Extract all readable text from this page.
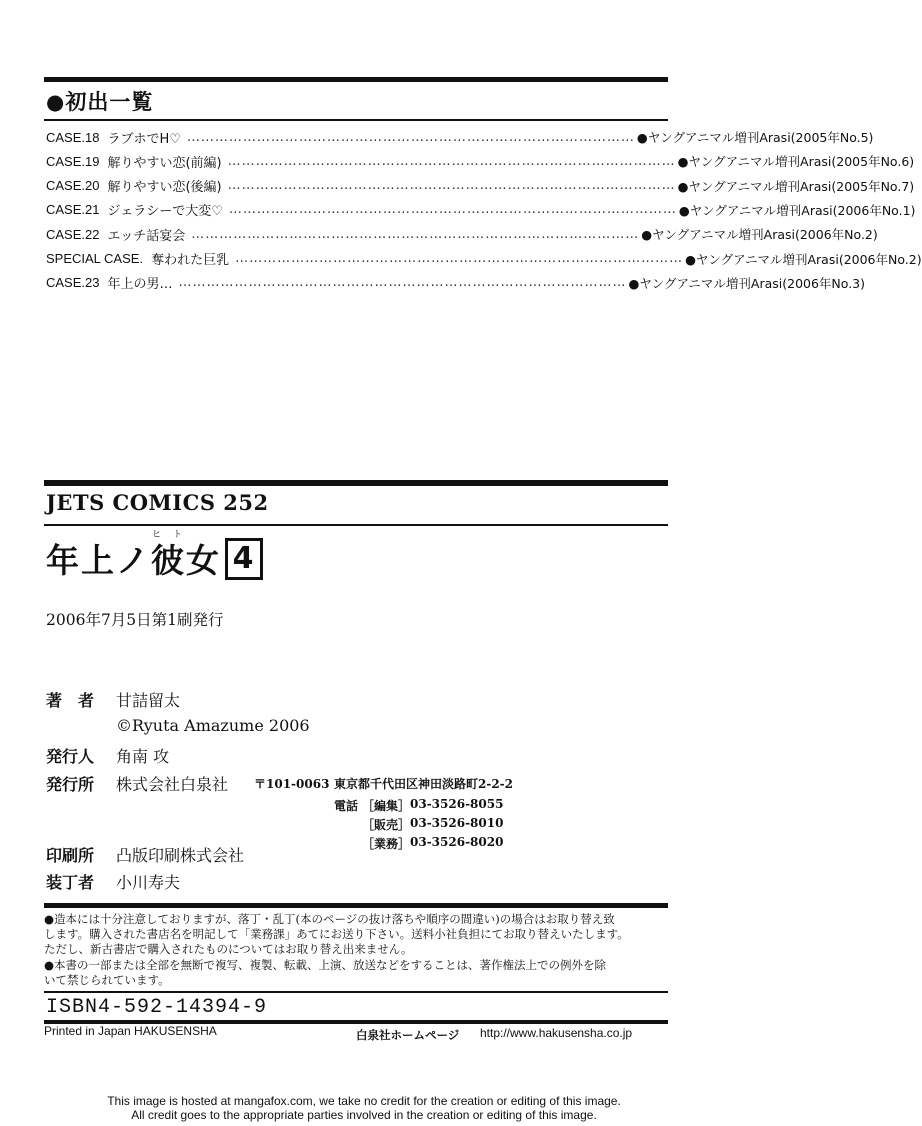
●初出一覧
CASE.18 ラブホでH♡ …………………………………………………………………………………… ●ヤングアニマル増刊Arasi(2005年No.5)
CASE.19 解りやすい恋(前編) …………………………………………………………………………………… ●ヤングアニマル増刊Arasi(2005年No.6)
CASE.20 解りやすい恋(後編) …………………………………………………………………………………… ●ヤングアニマル増刊Arasi(2005年No.7)
CASE.21 ジェラシーで大変♡ …………………………………………………………………………………… ●ヤングアニマル増刊Arasi(2006年No.1)
CASE.22 エッチ話宴会 …………………………………………………………………………………… ●ヤングアニマル増刊Arasi(2006年No.2)
SPECIAL CASE. 奪われた巨乳 …………………………………………………………………………………… ●ヤングアニマル増刊Arasi(2006年No.2)
CASE.23 年上の男… …………………………………………………………………………………… ●ヤングアニマル増刊Arasi(2006年No.3)
JETS COMICS 252
ヒト
年上ノ彼女 4
2006年7月5日第1刷発行
著　者 甘詰留太
©Ryuta Amazume 2006
発行人 角南 攻
発行所 株式会社白泉社 〒101-0063 東京都千代田区神田淡路町2-2-2
電話 ［編集］ 03-3526-8055
［販売］ 03-3526-8010
［業務］ 03-3526-8020
印刷所 凸版印刷株式会社
装丁者 小川寿夫
●造本には十分注意しておりますが、落丁・乱丁(本のページの抜け落ちや順序の間違い)の場合はお取り替え致
します。購入された書店名を明記して「業務課」あてにお送り下さい。送料小社負担にてお取り替えいたします。
ただし、新古書店で購入されたものについてはお取り替え出来ません。
●本書の一部または全部を無断で複写、複製、転載、上演、放送などをすることは、著作権法上での例外を除
いて禁じられています。
ISBN4-592-14394-9
Printed in Japan HAKUSENSHA	白泉社ホームページ http://www.hakusensha.co.jp
This image is hosted at mangafox.com, we take no credit for the creation or editing of this image.
All credit goes to the appropriate parties involved in the creation or editing of this image.
